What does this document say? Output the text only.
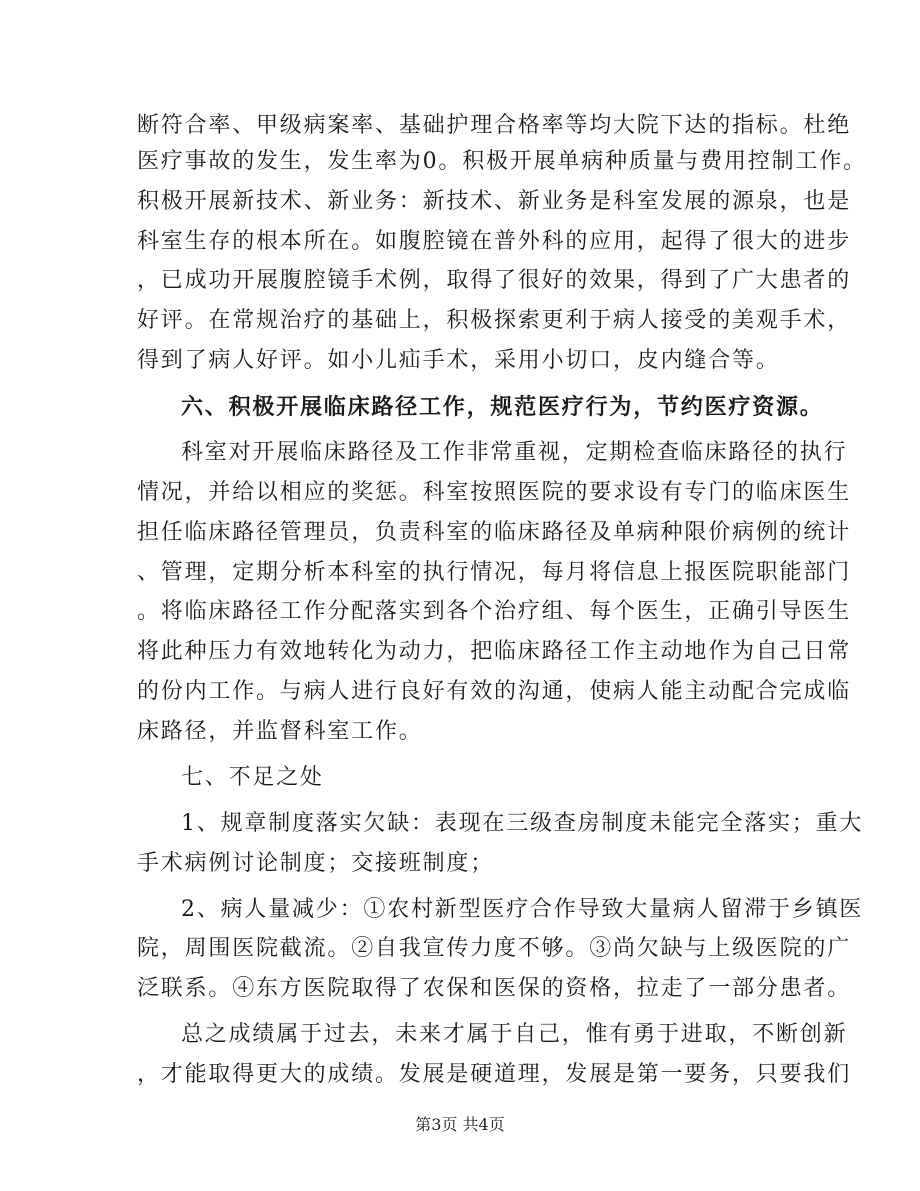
断符合率、甲级病案率、基础护理合格率等均大院下达的指标。杜绝
医疗事故的发生，发生率为0。积极开展单病种质量与费用控制工作。
积极开展新技术、新业务：新技术、新业务是科室发展的源泉，也是
科室生存的根本所在。如腹腔镜在普外科的应用，起得了很大的进步
，已成功开展腹腔镜手术例，取得了很好的效果，得到了广大患者的
好评。在常规治疗的基础上，积极探索更利于病人接受的美观手术，
得到了病人好评。如小儿疝手术，采用小切口，皮内缝合等。
六、积极开展临床路径工作，规范医疗行为，节约医疗资源。
科室对开展临床路径及工作非常重视，定期检查临床路径的执行
情况，并给以相应的奖惩。科室按照医院的要求设有专门的临床医生
担任临床路径管理员，负责科室的临床路径及单病种限价病例的统计
、管理，定期分析本科室的执行情况，每月将信息上报医院职能部门
。将临床路径工作分配落实到各个治疗组、每个医生，正确引导医生
将此种压力有效地转化为动力，把临床路径工作主动地作为自己日常
的份内工作。与病人进行良好有效的沟通，使病人能主动配合完成临
床路径，并监督科室工作。
七、不足之处
1、规章制度落实欠缺：表现在三级查房制度未能完全落实；重大
手术病例讨论制度；交接班制度；
2、病人量减少：①农村新型医疗合作导致大量病人留滞于乡镇医
院，周围医院截流。②自我宣传力度不够。③尚欠缺与上级医院的广
泛联系。④东方医院取得了农保和医保的资格，拉走了一部分患者。
总之成绩属于过去，未来才属于自己，惟有勇于进取，不断创新
，才能取得更大的成绩。发展是硬道理，发展是第一要务，只要我们
第3页 共4页
